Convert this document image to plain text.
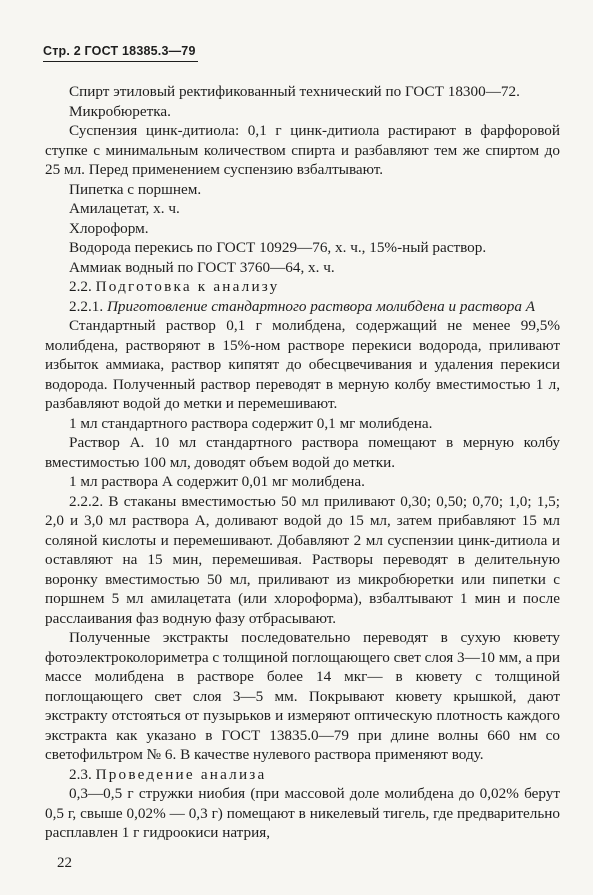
Стр. 2 ГОСТ 18385.3—79

Спирт этиловый ректификованный технический по ГОСТ 18300—72.

Микробюретка.

Суспензия цинк-дитиола: 0,1 г цинк-дитиола растирают в фарфоровой ступке с минимальным количеством спирта и разбавляют тем же спиртом до 25 мл. Перед применением суспензию взбалтывают.

Пипетка с поршнем.

Амилацетат, х. ч.

Хлороформ.

Водорода перекись по ГОСТ 10929—76, х. ч., 15%-ный раствор.

Аммиак водный по ГОСТ 3760—64, х. ч.

2.2. Подготовка к анализу

2.2.1. Приготовление стандартного раствора молибдена и раствора А

Стандартный раствор 0,1 г молибдена, содержащий не менее 99,5% молибдена, растворяют в 15%-ном растворе перекиси водорода, приливают избыток аммиака, раствор кипятят до обесцвечивания и удаления перекиси водорода. Полученный раствор переводят в мерную колбу вместимостью 1 л, разбавляют водой до метки и перемешивают.

1 мл стандартного раствора содержит 0,1 мг молибдена.

Раствор А. 10 мл стандартного раствора помещают в мерную колбу вместимостью 100 мл, доводят объем водой до метки.

1 мл раствора А содержит 0,01 мг молибдена.

2.2.2. В стаканы вместимостью 50 мл приливают 0,30; 0,50; 0,70; 1,0; 1,5; 2,0 и 3,0 мл раствора А, доливают водой до 15 мл, затем прибавляют 15 мл соляной кислоты и перемешивают. Добавляют 2 мл суспензии цинк-дитиола и оставляют на 15 мин, перемешивая. Растворы переводят в делительную воронку вместимостью 50 мл, приливают из микробюретки или пипетки с поршнем 5 мл амилацетата (или хлороформа), взбалтывают 1 мин и после расслаивания фаз водную фазу отбрасывают.

Полученные экстракты последовательно переводят в сухую кювету фотоэлектроколориметра с толщиной поглощающего свет слоя 3—10 мм, а при массе молибдена в растворе более 14 мкг— в кювету с толщиной поглощающего свет слоя 3—5 мм. Покрывают кювету крышкой, дают экстракту отстояться от пузырьков и измеряют оптическую плотность каждого экстракта как указано в ГОСТ 13835.0—79 при длине волны 660 нм со светофильтром № 6. В качестве нулевого раствора применяют воду.

2.3. Проведение анализа

0,3—0,5 г стружки ниобия (при массовой доле молибдена до 0,02% берут 0,5 г, свыше 0,02% — 0,3 г) помещают в никелевый тигель, где предварительно расплавлен 1 г гидроокиси натрия,

22
